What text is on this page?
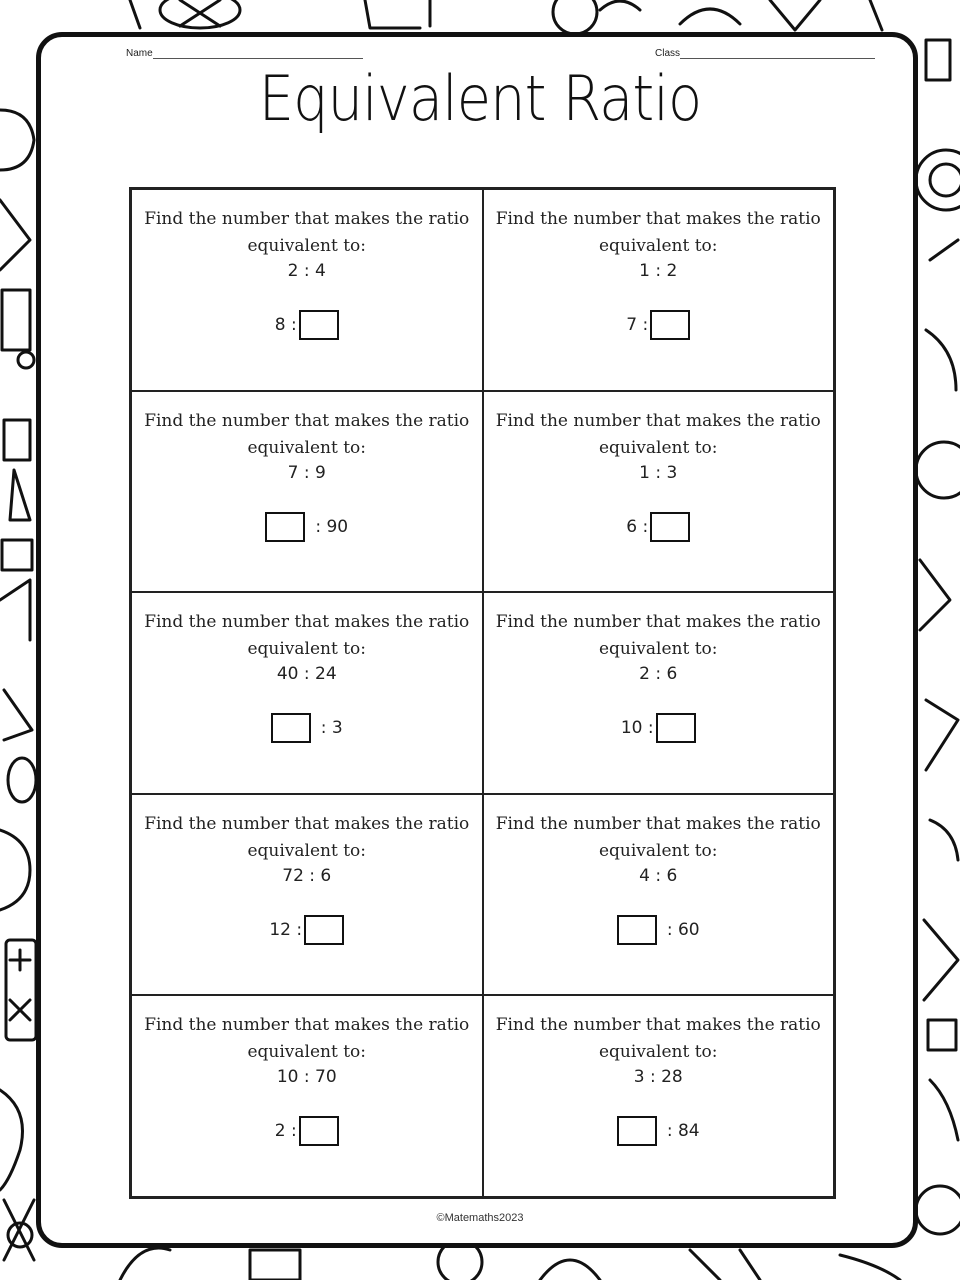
Name	Class
Equivalent Ratio
Find the number that makes the ratio equivalent to:
2 : 4
8 :
Find the number that makes the ratio equivalent to:
1 : 2
7 :
Find the number that makes the ratio equivalent to:
7 : 9
: 90
Find the number that makes the ratio equivalent to:
1 : 3
6 :
Find the number that makes the ratio equivalent to:
40 : 24
: 3
Find the number that makes the ratio equivalent to:
2 : 6
10 :
Find the number that makes the ratio equivalent to:
72 : 6
12 :
Find the number that makes the ratio equivalent to:
4 : 6
: 60
Find the number that makes the ratio equivalent to:
10 : 70
2 :
Find the number that makes the ratio equivalent to:
3 : 28
: 84
©Matemaths2023
